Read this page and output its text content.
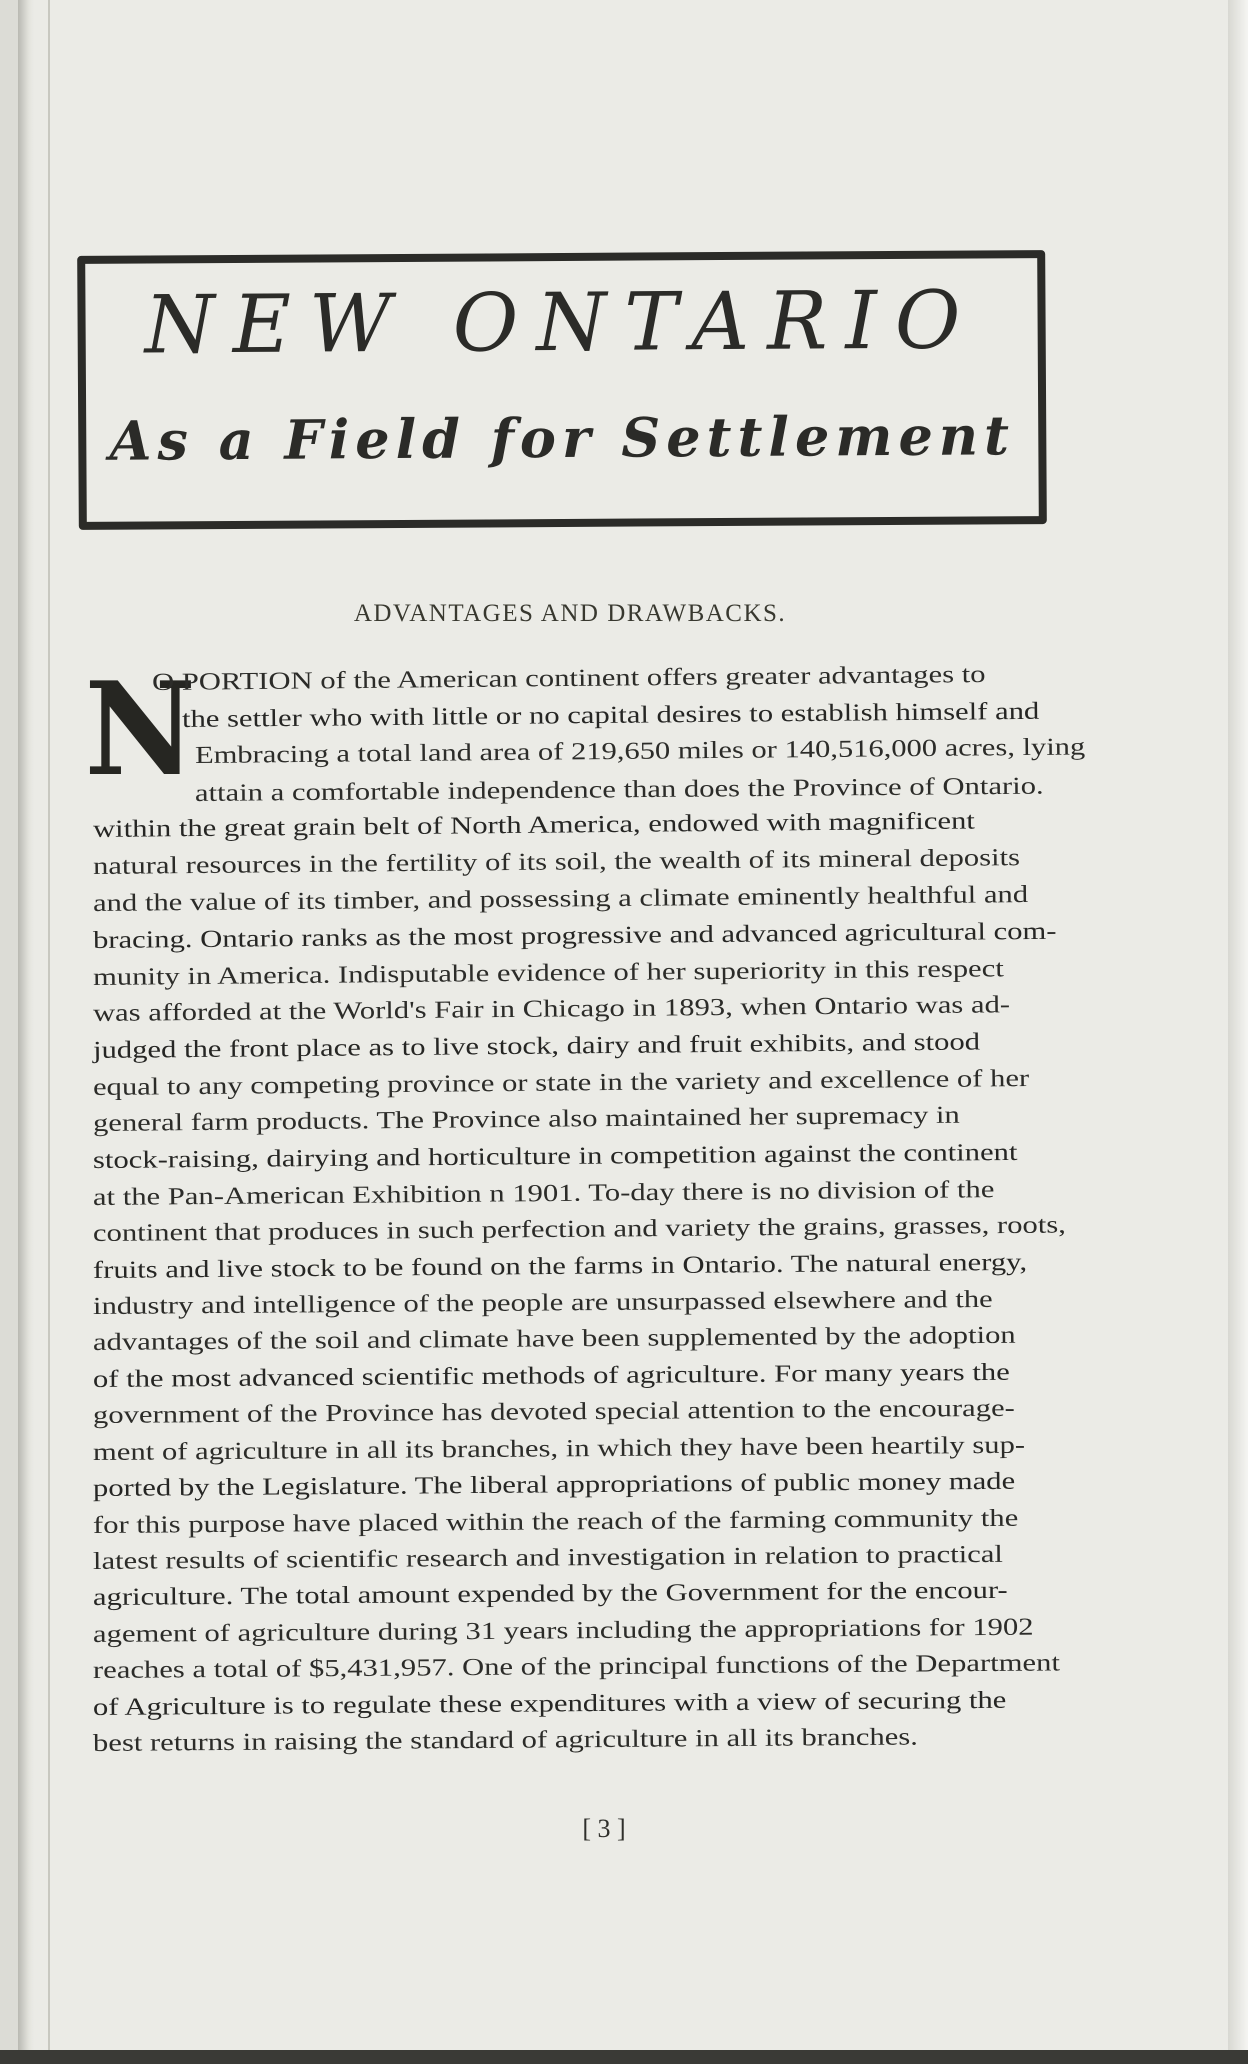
NEW ONTARIO
As a Field for Settlement
ADVANTAGES AND DRAWBACKS.
N
O PORTION of the American continent offers greater advantages to
the settler who with little or no capital desires to establish himself and
Embracing a total land area of 219,650 miles or 140,516,000 acres, lying
attain a comfortable independence than does the Province of Ontario.
within the great grain belt of North America, endowed with magnificent
natural resources in the fertility of its soil, the wealth of its mineral deposits
and the value of its timber, and possessing a climate eminently healthful and
bracing. Ontario ranks as the most progressive and advanced agricultural com-
munity in America. Indisputable evidence of her superiority in this respect
was afforded at the World's Fair in Chicago in 1893, when Ontario was ad-
judged the front place as to live stock, dairy and fruit exhibits, and stood
equal to any competing province or state in the variety and excellence of her
general farm products. The Province also maintained her supremacy in
stock-raising, dairying and horticulture in competition against the continent
at the Pan-American Exhibition n 1901. To-day there is no division of the
continent that produces in such perfection and variety the grains, grasses, roots,
fruits and live stock to be found on the farms in Ontario. The natural energy,
industry and intelligence of the people are unsurpassed elsewhere and the
advantages of the soil and climate have been supplemented by the adoption
of the most advanced scientific methods of agriculture. For many years the
government of the Province has devoted special attention to the encourage-
ment of agriculture in all its branches, in which they have been heartily sup-
ported by the Legislature. The liberal appropriations of public money made
for this purpose have placed within the reach of the farming community the
latest results of scientific research and investigation in relation to practical
agriculture. The total amount expended by the Government for the encour-
agement of agriculture during 31 years including the appropriations for 1902
reaches a total of $5,431,957. One of the principal functions of the Department
of Agriculture is to regulate these expenditures with a view of securing the
best returns in raising the standard of agriculture in all its branches.
[ 3 ]
